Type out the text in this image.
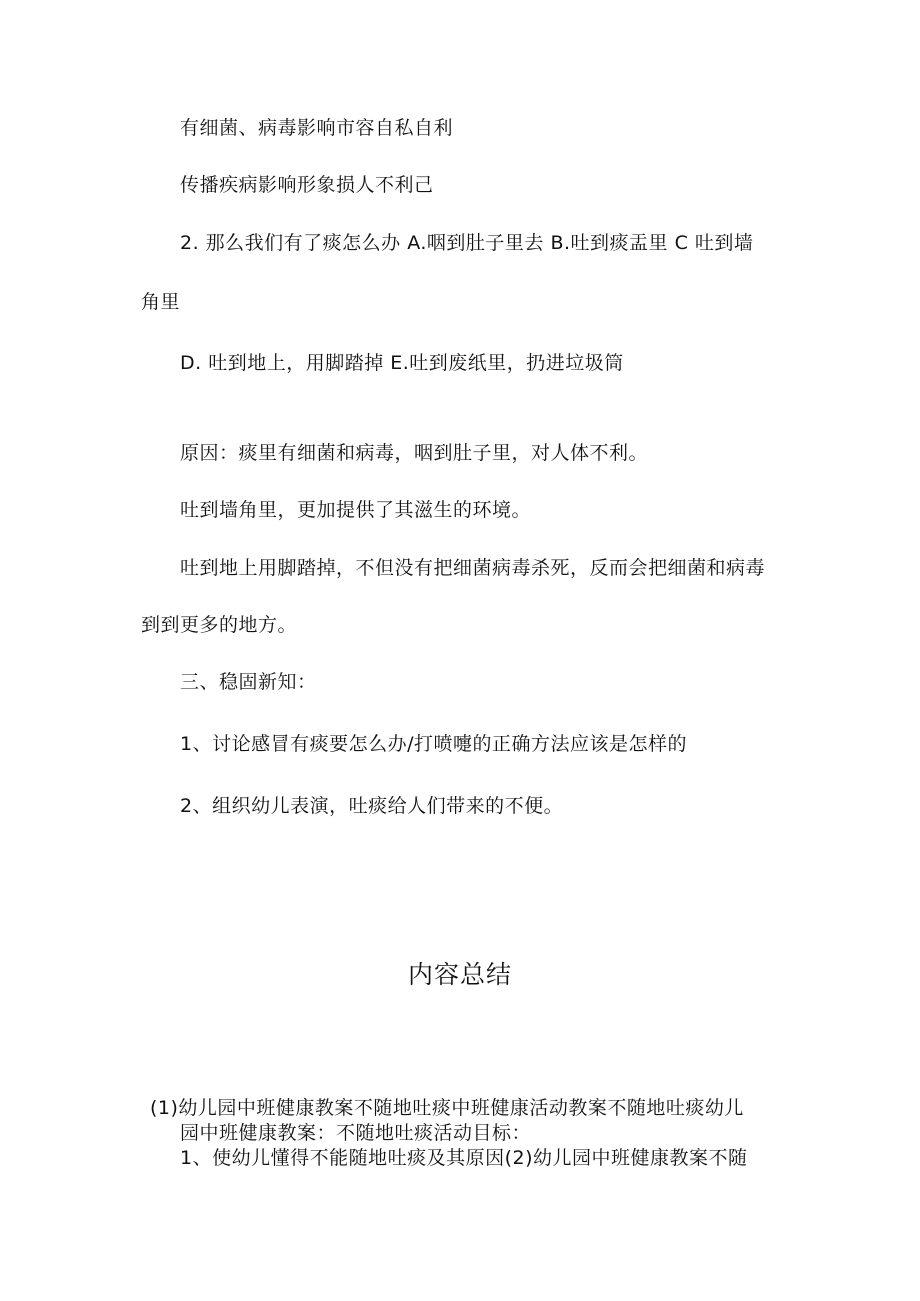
有细菌、病毒影响市容自私自利
传播疾病影响形象损人不利己
2. 那么我们有了痰怎么办 A.咽到肚子里去 B.吐到痰盂里 C 吐到墙
角里
D. 吐到地上，用脚踏掉 E.吐到废纸里，扔进垃圾筒
原因：痰里有细菌和病毒，咽到肚子里，对人体不利。
吐到墙角里，更加提供了其滋生的环境。
吐到地上用脚踏掉，不但没有把细菌病毒杀死，反而会把细菌和病毒
到到更多的地方。
三、稳固新知：
1、讨论感冒有痰要怎么办/打喷嚏的正确方法应该是怎样的
2、组织幼儿表演，吐痰给人们带来的不便。
内容总结
(1)幼儿园中班健康教案不随地吐痰中班健康活动教案不随地吐痰幼儿
园中班健康教案：不随地吐痰活动目标：
1、使幼儿懂得不能随地吐痰及其原因(2)幼儿园中班健康教案不随
